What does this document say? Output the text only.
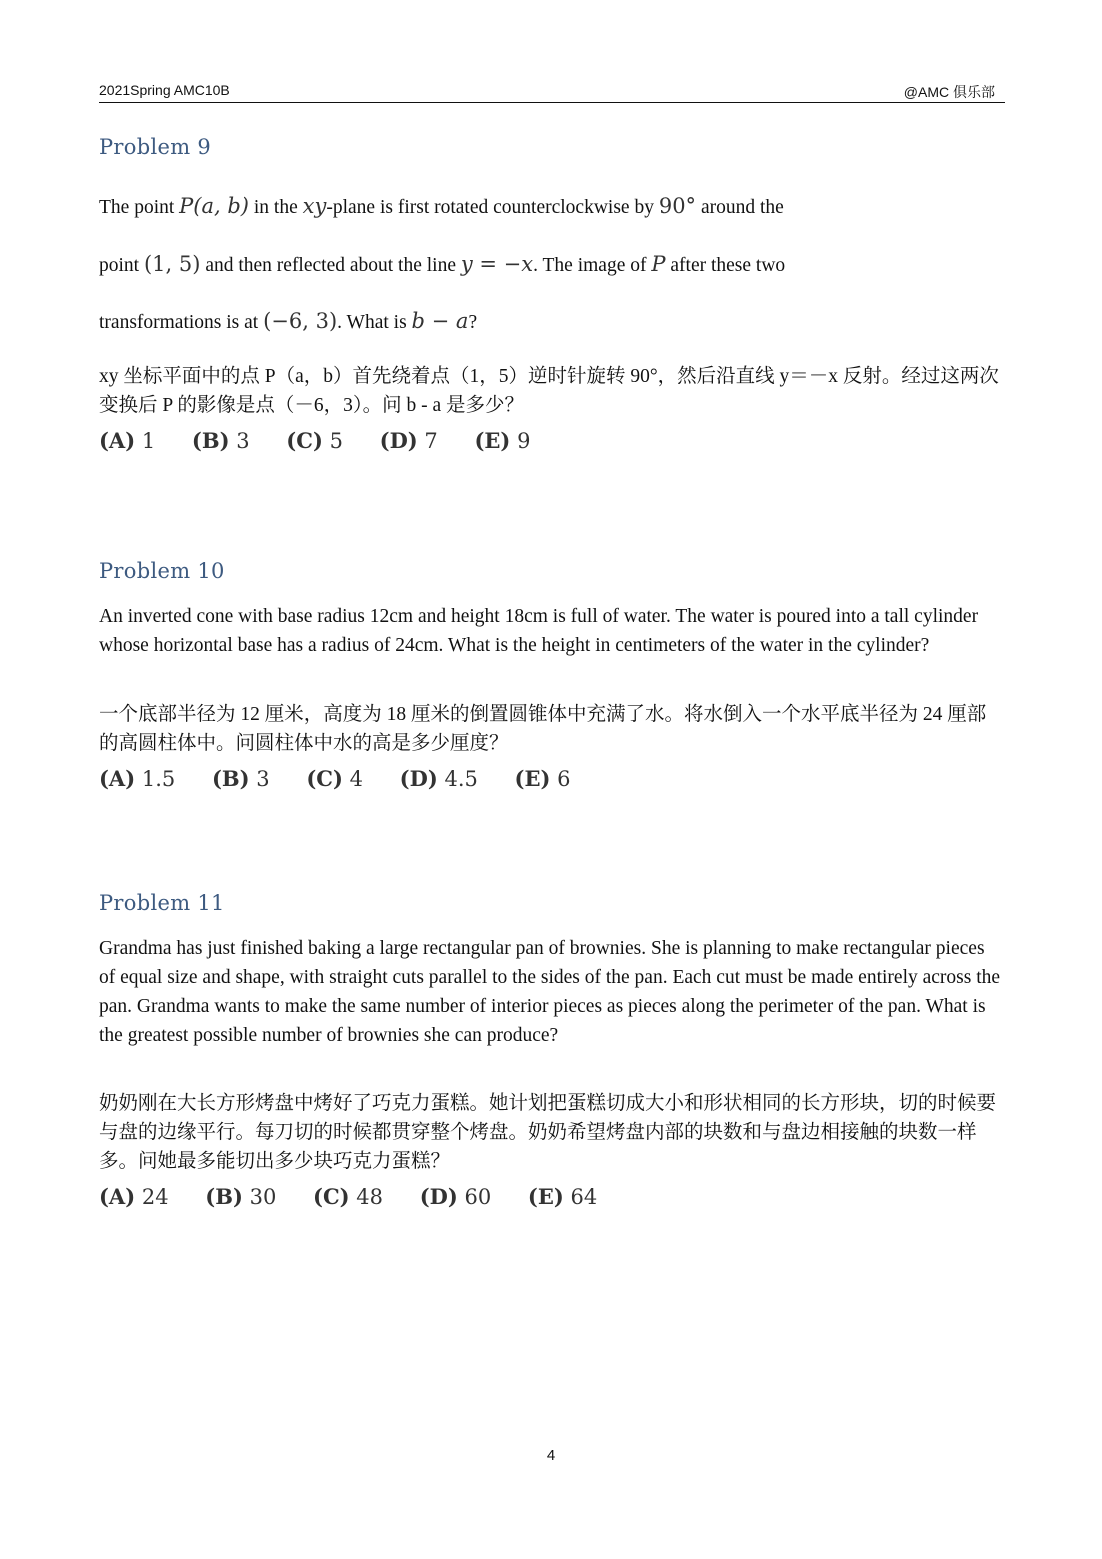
2021Spring AMC10B	@AMC 俱乐部
Problem 9
The point P(a, b) in the xy-plane is first rotated counterclockwise by 90° around the
point (1, 5) and then reflected about the line y = −x. The image of P after these two
transformations is at (−6, 3). What is b − a?
xy 坐标平面中的点 P（a，b）首先绕着点（1，5）逆时针旋转 90°，然后沿直线 y＝－x 反射。经过这两次变换后 P 的影像是点（－6，3）。问 b - a 是多少？
(A) 1 (B) 3 (C) 5 (D) 7 (E) 9
Problem 10
An inverted cone with base radius 12cm and height 18cm is full of water. The water is poured into a tall cylinder whose horizontal base has a radius of 24cm. What is the height in centimeters of the water in the cylinder?
一个底部半径为 12 厘米，高度为 18 厘米的倒置圆锥体中充满了水。将水倒入一个水平底半径为 24 厘部的高圆柱体中。问圆柱体中水的高是多少厘度？
(A) 1.5 (B) 3 (C) 4 (D) 4.5 (E) 6
Problem 11
Grandma has just finished baking a large rectangular pan of brownies. She is planning to make rectangular pieces of equal size and shape, with straight cuts parallel to the sides of the pan. Each cut must be made entirely across the pan. Grandma wants to make the same number of interior pieces as pieces along the perimeter of the pan. What is the greatest possible number of brownies she can produce?
奶奶刚在大长方形烤盘中烤好了巧克力蛋糕。她计划把蛋糕切成大小和形状相同的长方形块，切的时候要与盘的边缘平行。每刀切的时候都贯穿整个烤盘。奶奶希望烤盘内部的块数和与盘边相接触的块数一样多。问她最多能切出多少块巧克力蛋糕？
(A) 24 (B) 30 (C) 48 (D) 60 (E) 64
4
